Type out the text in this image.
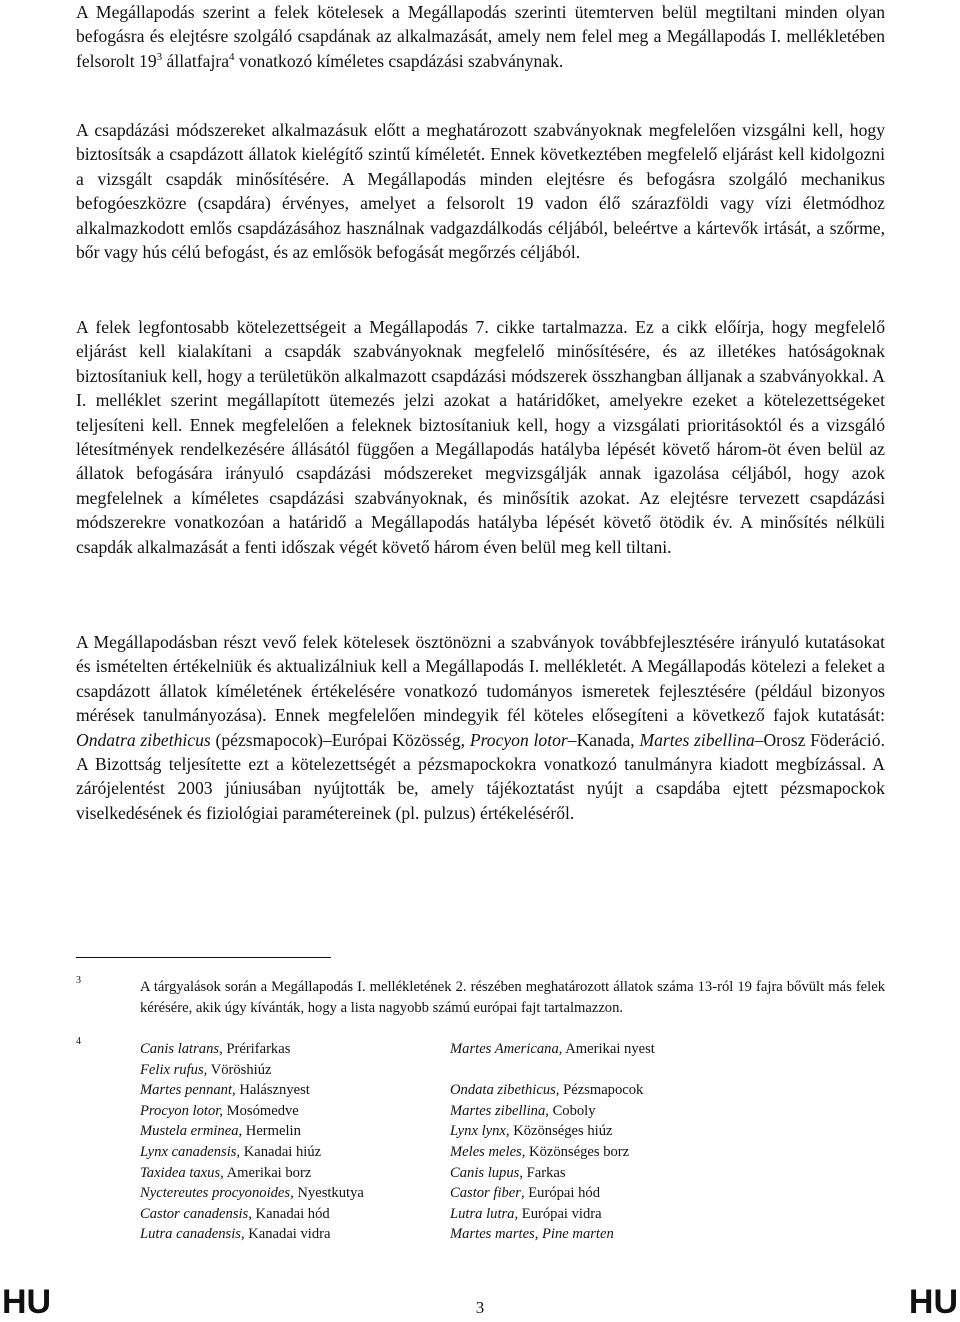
A Megállapodás szerint a felek kötelesek a Megállapodás szerinti ütemterven belül megtiltani minden olyan befogásra és elejtésre szolgáló csapdának az alkalmazását, amely nem felel meg a Megállapodás I. mellékletében felsorolt $19^3$ állatfajra$^4$ vonatkozó kíméletes csapdázási szabványnak.

A csapdázási módszereket alkalmazásuk előtt a meghatározott szabványoknak megfelelően vizsgálni kell, hogy biztosítsák a csapdázott állatok kielégítő szintű kíméletét. Ennek következtében megfelelő eljárást kell kidolgozni a vizsgált csapdák minősítésére. A Megállapodás minden elejtésre és befogásra szolgáló mechanikus befogóeszközre (csapdára) érvényes, amelyet a felsorolt 19 vadon élő szárazföldi vagy vízi életmódhoz alkalmazkodott emlős csapdázásához használnak vadgazdálkodás céljából, beleértve a kártevők irtását, a szőrme, bőr vagy hús célú befogást, és az emlősök befogását megőrzés céljából.

A felek legfontosabb kötelezettségeit a Megállapodás 7. cikke tartalmazza. Ez a cikk előírja, hogy megfelelő eljárást kell kialakítani a csapdák szabványoknak megfelelő minősítésére, és az illetékes hatóságoknak biztosítaniuk kell, hogy a területükön alkalmazott csapdázási módszerek összhangban álljanak a szabványokkal. A I. melléklet szerint megállapított ütemezés jelzi azokat a határidőket, amelyekre ezeket a kötelezettségeket teljesíteni kell. Ennek megfelelően a feleknek biztosítaniuk kell, hogy a vizsgálati prioritásoktól és a vizsgáló létesítmények rendelkezésére állásától függően a Megállapodás hatályba lépését követő három-öt éven belül az állatok befogására irányuló csapdázási módszereket megvizsgálják annak igazolása céljából, hogy azok megfelelnek a kíméletes csapdázási szabványoknak, és minősítik azokat. Az elejtésre tervezett csapdázási módszerekre vonatkozóan a határidő a Megállapodás hatályba lépését követő ötödik év. A minősítés nélküli csapdák alkalmazását a fenti időszak végét követő három éven belül meg kell tiltani.

A Megállapodásban részt vevő felek kötelesek ösztönözni a szabványok továbbfejlesztésére irányuló kutatásokat és ismételten értékelniük és aktualizálniuk kell a Megállapodás I. mellékletét. A Megállapodás kötelezi a feleket a csapdázott állatok kíméletének értékelésére vonatkozó tudományos ismeretek fejlesztésére (például bizonyos mérések tanulmányozása). Ennek megfelelően mindegyik fél köteles elősegíteni a következő fajok kutatását: Ondatra zibethicus (pézsmapocok)–Európai Közösség, Procyon lotor–Kanada, Martes zibellina–Orosz Föderáció. A Bizottság teljesítette ezt a kötelezettségét a pézsmapockokra vonatkozó tanulmányra kiadott megbízással. A zárójelentést 2003 júniusában nyújtották be, amely tájékoztatást nyújt a csapdába ejtett pézsmapockok viselkedésének és fiziológiai paramétereinek (pl. pulzus) értékeléséről.

3	A tárgyalások során a Megállapodás I. mellékletének 2. részében meghatározott állatok száma 13-ról 19 fajra bővült más felek kérésére, akik úgy kívánták, hogy a lista nagyobb számú európai fajt tartalmazzon.
4	Canis latrans, Prérifarkas
Felix rufus, Vöröshiúz
Martes pennant, Halásznyest
Procyon lotor, Mosómedve
Mustela erminea, Hermelin
Lynx canadensis, Kanadai hiúz
Taxidea taxus, Amerikai borz
Nyctereutes procyonoides, Nyestkutya
Castor canadensis, Kanadai hód
Lutra canadensis, Kanadai vidra
Martes Americana, Amerikai nyest
Ondata zibethicus, Pézsmapocok
Martes zibellina, Coboly
Lynx lynx, Közönséges hiúz
Meles meles, Közönséges borz
Canis lupus, Farkas
Castor fiber, Európai hód
Lutra lutra, Európai vidra
Martes martes, Pine marten
HU	3	HU
